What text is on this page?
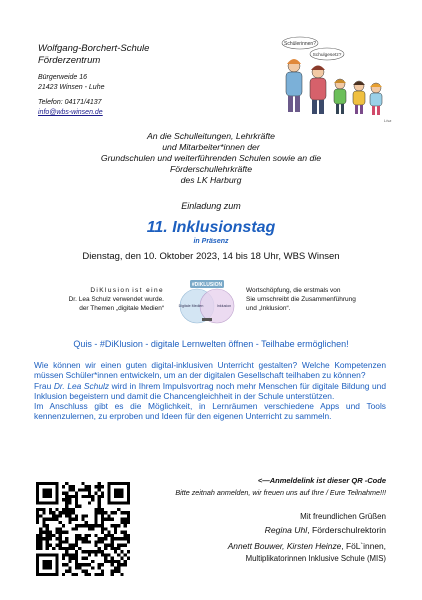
Wolfgang-Borchert-Schule
Förderzentrum
Bürgerweide 16
21423 Winsen - Luhe
Telefon: 04171/4137
info@wbs-winsen.de
Schülerinnen?
Schulgesetz?
Lisa
An die Schulleitungen, Lehrkräfte
und Mitarbeiter*innen der
Grundschulen und weiterführenden Schulen sowie an die
Förderschullehrkräfte
des LK Harburg
Einladung zum
11. Inklusionstag
in Präsenz
Dienstag, den 10. Oktober 2023, 14 bis 18 Uhr, WBS Winsen
DiKlusion ist eine
Dr. Lea Schulz verwendet wurde.
der Themen „digitale Medien“
#DIKLUSION
Digitale Medien	Inklusion
Wortschöpfung, die erstmals von
Sie umschreibt die Zusammenführung
und „Inklusion“.
Quis - #DiKlusion - digitale Lernwelten öffnen - Teilhabe ermöglichen!

Wie können wir einen guten digital-inklusiven Unterricht gestalten? Welche Kompetenzen müssen Schüler*innen entwickeln, um an der digitalen Gesellschaft teilhaben zu können?

Frau Dr. Lea Schulz wird in Ihrem Impulsvortrag noch mehr Menschen für digitale Bildung und Inklusion begeistern und damit die Chancengleichheit in der Schule unterstützen.

Im Anschluss gibt es die Möglichkeit, in Lernräumen verschiedene Apps und Tools kennenzulernen, zu erproben und Ideen für den eigenen Unterricht zu sammeln.

<—Anmeldelink ist dieser QR -Code
Bitte zeitnah anmelden, wir freuen uns auf Ihre / Eure Teilnahme!!!
Mit freundlichen Grüßen
Regina Uhl, Förderschulrektorin
Annett Bouwer, Kirsten Heinze, FöL`innen,
Multiplikatorinnen Inklusive Schule (MIS)
